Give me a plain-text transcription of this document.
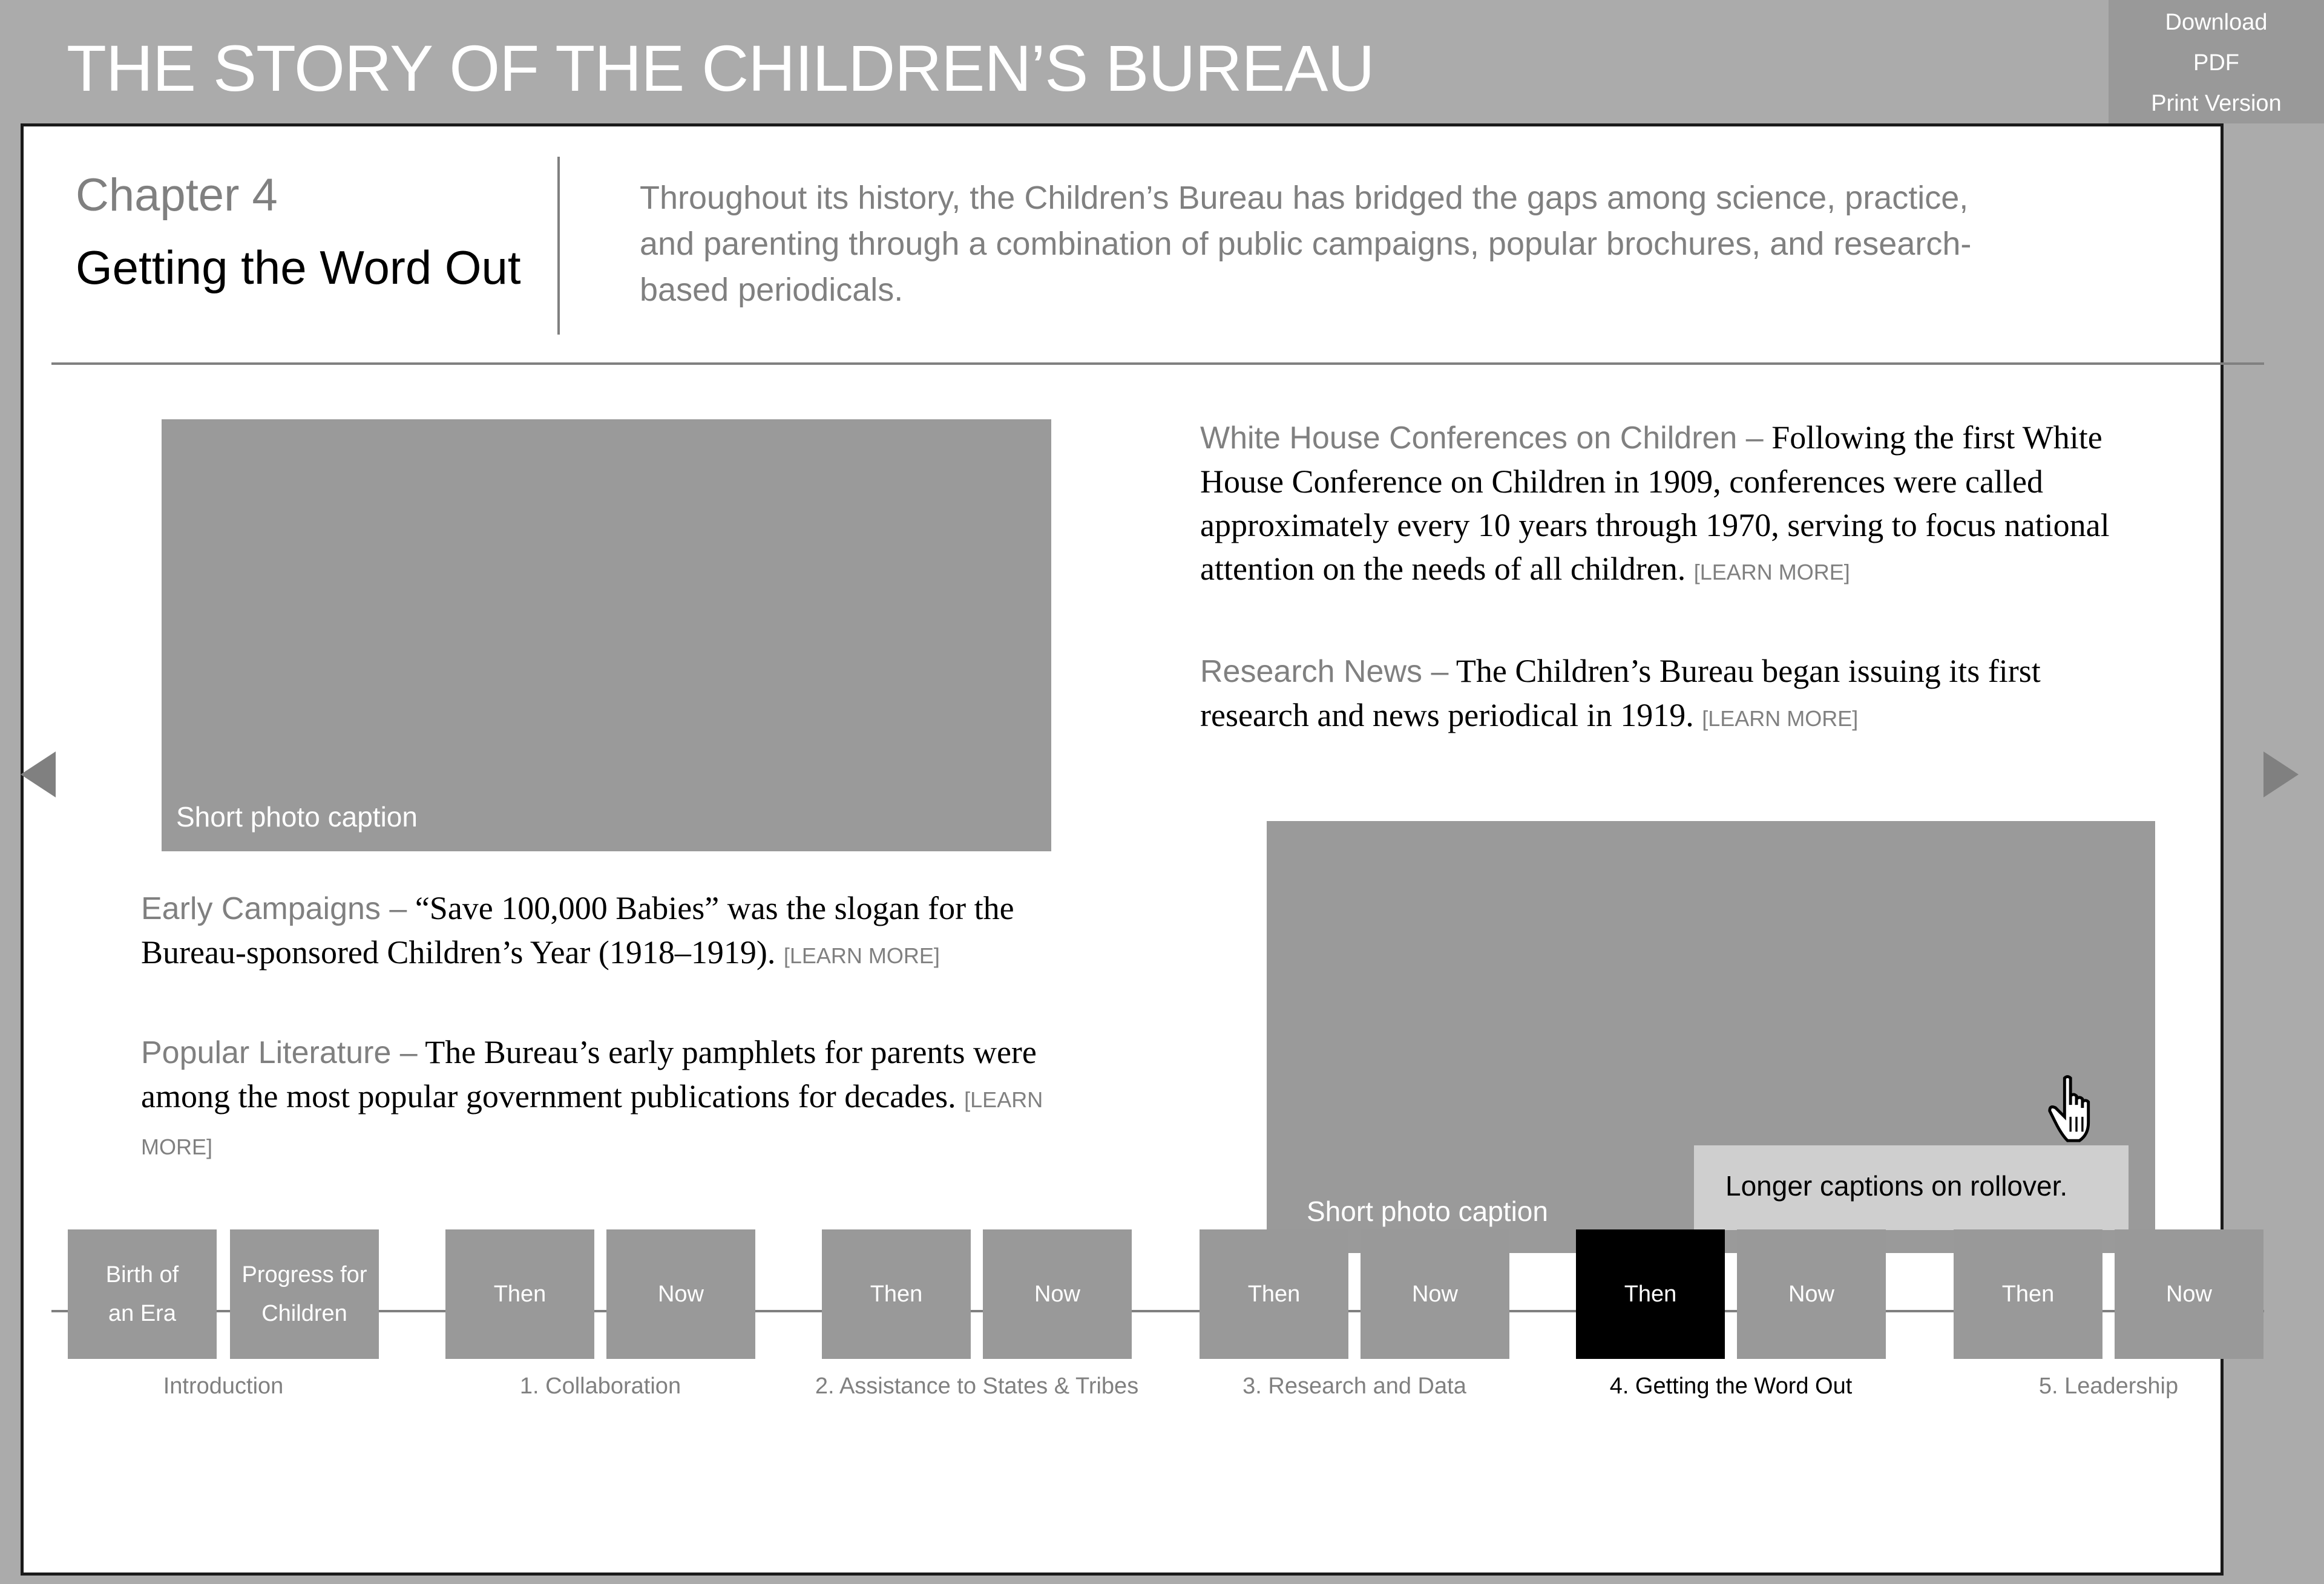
THE STORY OF THE CHILDREN’S BUREAU
Download
PDF
Print Version
Chapter 4
Getting the Word Out
Throughout its history, the Children’s Bureau has bridged the gaps among science, practice, and parenting through a combination of public campaigns, popular brochures, and research-based periodicals.
Short photo caption
White House Conferences on Children – Following the first White House Conference on Children in 1909, conferences were called approximately every 10 years through 1970, serving to focus national attention on the needs of all children. [LEARN MORE]
Research News – The Children’s Bureau began issuing its first research and news periodical in 1919. [LEARN MORE]
Early Campaigns – “Save 100,000 Babies” was the slogan for the Bureau-sponsored Children’s Year (1918–1919). [LEARN MORE]
Popular Literature – The Bureau’s early pamphlets for parents were among the most popular government publications for decades. [LEARN MORE]
Short photo caption
Longer captions on rollover.
Birth of
an Era
Progress for
Children
Introduction
Then	Now
1. Collaboration
Then	Now
2. Assistance to States & Tribes
Then	Now
3. Research and Data
Then	Now
4. Getting the Word Out
Then	Now
5. Leadership
